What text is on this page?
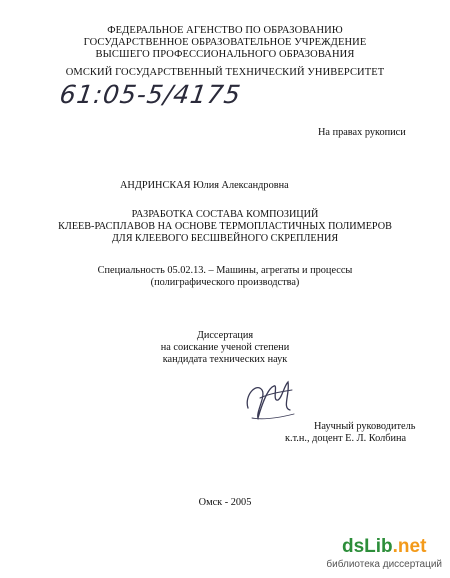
ФЕДЕРАЛЬНОЕ АГЕНСТВО ПО ОБРАЗОВАНИЮ
ГОСУДАРСТВЕННОЕ ОБРАЗОВАТЕЛЬНОЕ УЧРЕЖДЕНИЕ
ВЫСШЕГО ПРОФЕССИОНАЛЬНОГО ОБРАЗОВАНИЯ
ОМСКИЙ ГОСУДАРСТВЕННЫЙ ТЕХНИЧЕСКИЙ УНИВЕРСИТЕТ
61:05-5/4175
На правах рукописи
АНДРИНСКАЯ Юлия Александровна
РАЗРАБОТКА СОСТАВА КОМПОЗИЦИЙ
КЛЕЕВ-РАСПЛАВОВ НА ОСНОВЕ ТЕРМОПЛАСТИЧНЫХ ПОЛИМЕРОВ
ДЛЯ КЛЕЕВОГО БЕСШВЕЙНОГО СКРЕПЛЕНИЯ
Специальность 05.02.13. – Машины, агрегаты и процессы
(полиграфического производства)
Диссертация
на соискание ученой степени
кандидата технических наук
Научный руководитель
к.т.н., доцент Е. Л. Колбина
Омск - 2005
dsLib.net
библиотека диссертаций
